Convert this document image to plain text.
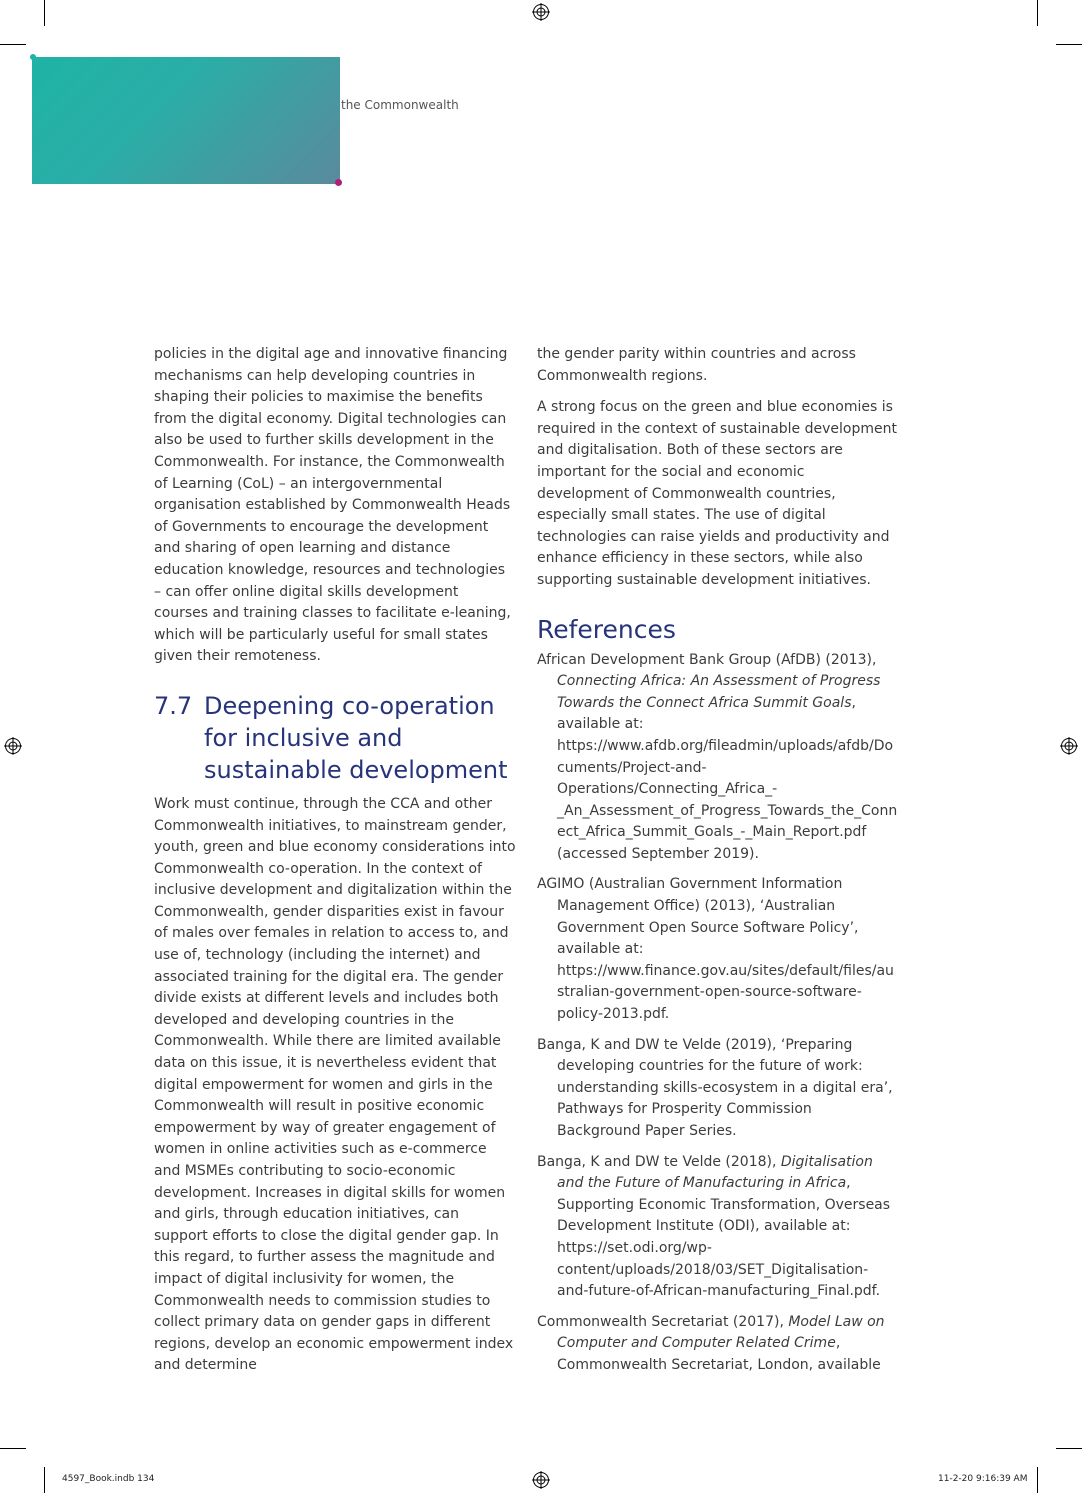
the Commonwealth

policies in the digital age and innovative financing mechanisms can help developing countries in shaping their policies to maximise the benefits from the digital economy. Digital technologies can also be used to further skills development in the Commonwealth. For instance, the Commonwealth of Learning (CoL) – an intergovernmental organisation established by Commonwealth Heads of Governments to encourage the development and sharing of open learning and distance education knowledge, resources and technologies – can offer online digital skills development courses and training classes to facilitate e-leaning, which will be particularly useful for small states given their remoteness.

7.7 Deepening co-operation for inclusive and sustainable development

Work must continue, through the CCA and other Commonwealth initiatives, to mainstream gender, youth, green and blue economy considerations into Commonwealth co-operation. In the context of inclusive development and digitalization within the Commonwealth, gender disparities exist in favour of males over females in relation to access to, and use of, technology (including the internet) and associated training for the digital era. The gender divide exists at different levels and includes both developed and developing countries in the Commonwealth. While there are limited available data on this issue, it is nevertheless evident that digital empowerment for women and girls in the Commonwealth will result in positive economic empowerment by way of greater engagement of women in online activities such as e-commerce and MSMEs contributing to socio-economic development. Increases in digital skills for women and girls, through education initiatives, can support efforts to close the digital gender gap. In this regard, to further assess the magnitude and impact of digital inclusivity for women, the Commonwealth needs to commission studies to collect primary data on gender gaps in different regions, develop an economic empowerment index and determine

the gender parity within countries and across Commonwealth regions.

A strong focus on the green and blue economies is required in the context of sustainable development and digitalisation. Both of these sectors are important for the social and economic development of Commonwealth countries, especially small states. The use of digital technologies can raise yields and productivity and enhance efficiency in these sectors, while also supporting sustainable development initiatives.

References
African Development Bank Group (AfDB) (2013), Connecting Africa: An Assessment of Progress Towards the Connect Africa Summit Goals, available at: https://www.afdb.org/fileadmin/uploads/afdb/Documents/Project-and-Operations/Connecting_Africa_-_An_Assessment_of_Progress_Towards_the_Connect_Africa_Summit_Goals_-_Main_Report.pdf (accessed September 2019).
AGIMO (Australian Government Information Management Office) (2013), ‘Australian Government Open Source Software Policy’, available at: https://www.finance.gov.au/sites/default/files/australian-government-open-source-software-policy-2013.pdf.
Banga, K and DW te Velde (2019), ‘Preparing developing countries for the future of work: understanding skills-ecosystem in a digital era’, Pathways for Prosperity Commission Background Paper Series.
Banga, K and DW te Velde (2018), Digitalisation and the Future of Manufacturing in Africa, Supporting Economic Transformation, Overseas Development Institute (ODI), available at: https://set.odi.org/wp-content/uploads/2018/03/SET_Digitalisation-and-future-of-African-manufacturing_Final.pdf.
Commonwealth Secretariat (2017), Model Law on Computer and Computer Related Crime, Commonwealth Secretariat, London, available
4597_Book.indb 134	11-2-20 9:16:39 AM
